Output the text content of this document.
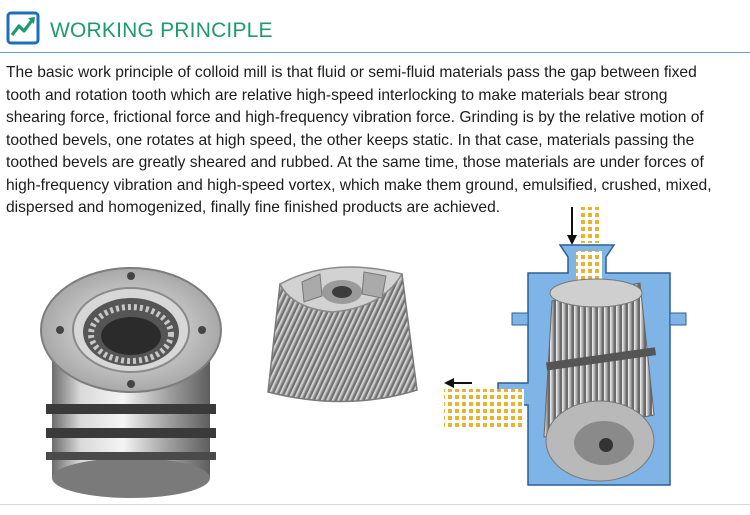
WORKING PRINCIPLE
The basic work principle of colloid mill is that fluid or semi-fluid materials pass the gap between fixed
tooth and rotation tooth which are relative high-speed interlocking to make materials bear strong
shearing force, frictional force and high-frequency vibration force. Grinding is by the relative motion of
toothed bevels, one rotates at high speed, the other keeps static. In that case, materials passing the
toothed bevels are greatly sheared and rubbed. At the same time, those materials are under forces of
high-frequency vibration and high-speed vortex, which make them ground, emulsified, crushed, mixed,
dispersed and homogenized, finally fine finished products are achieved.
